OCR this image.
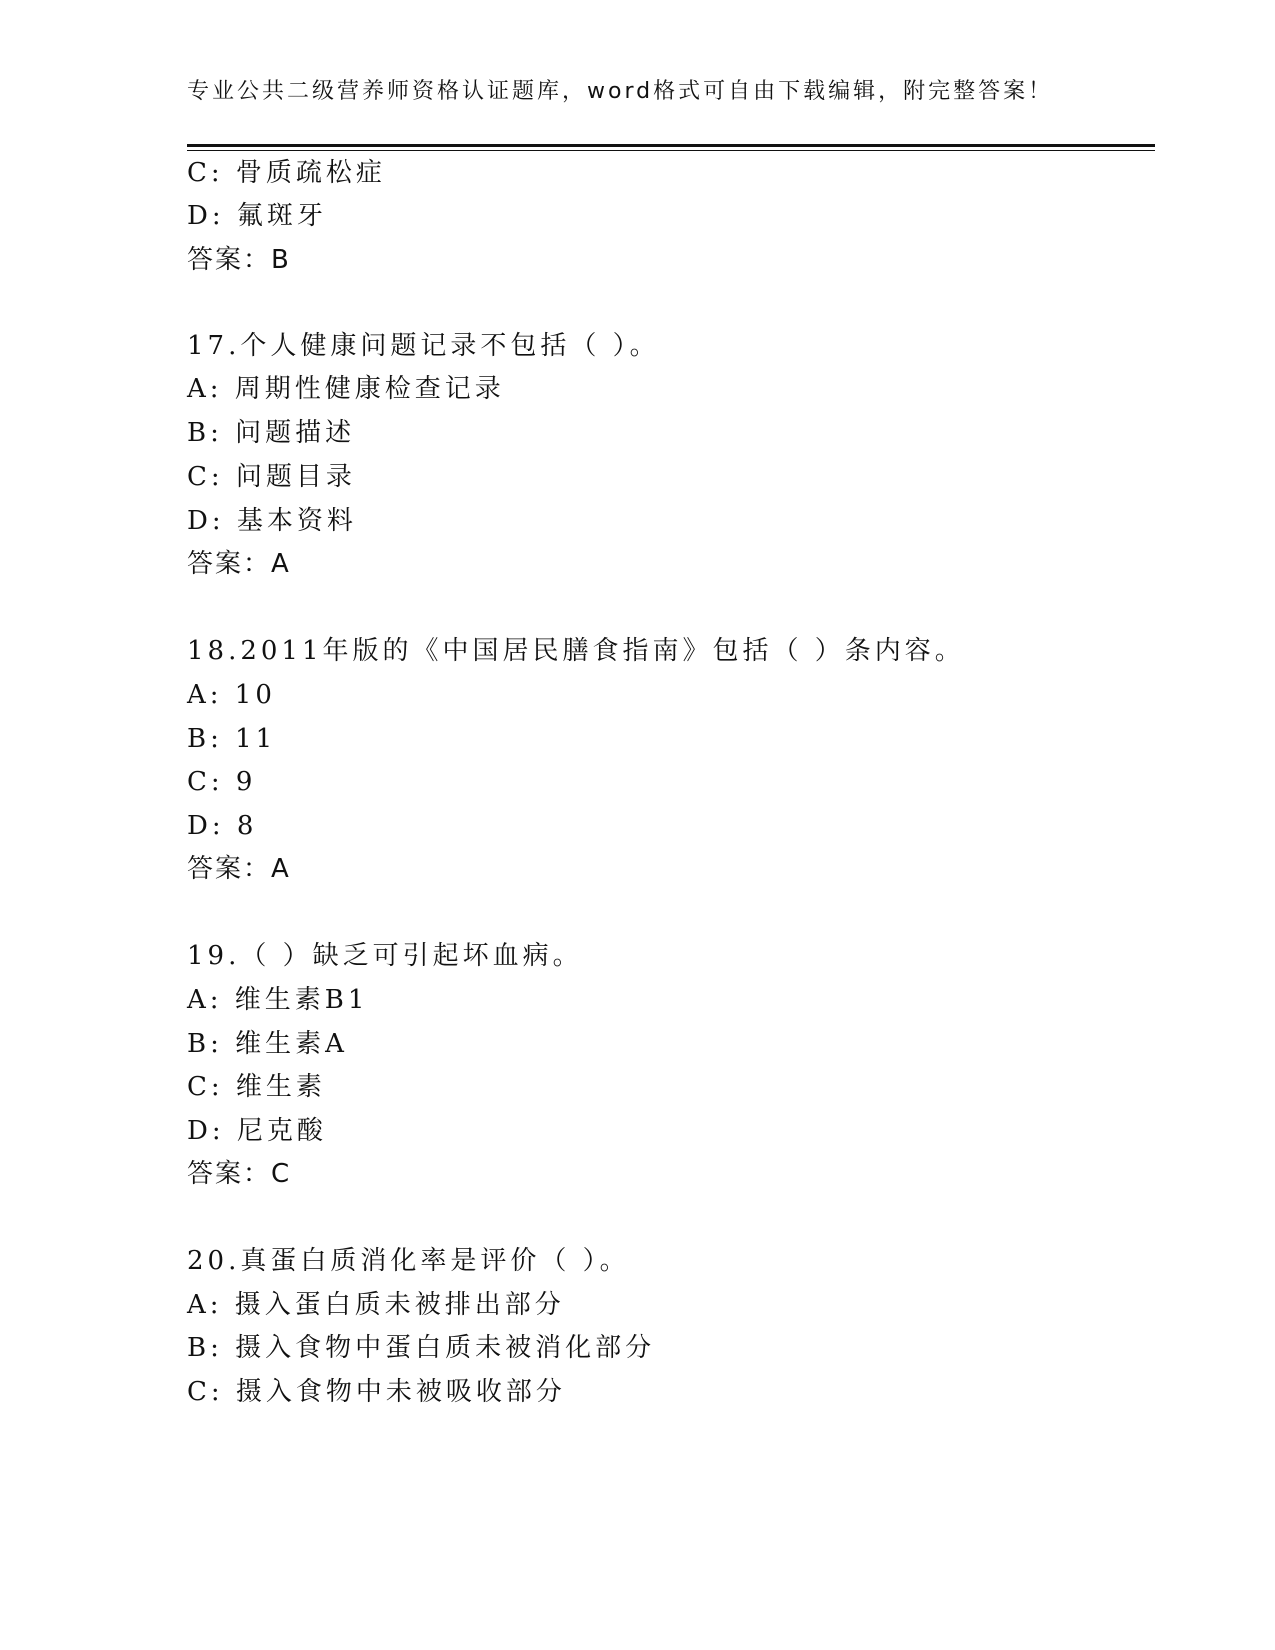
专业公共二级营养师资格认证题库，word格式可自由下载编辑，附完整答案！
C: 骨质疏松症
D: 氟斑牙
答案：B
17.个人健康问题记录不包括（ ）。
A: 周期性健康检查记录
B: 问题描述
C: 问题目录
D: 基本资料
答案：A
18.2011年版的《中国居民膳食指南》包括（ ）条内容。
A: 10
B: 11
C: 9
D: 8
答案：A
19.（ ）缺乏可引起坏血病。
A: 维生素B1
B: 维生素A
C: 维生素
D: 尼克酸
答案：C
20.真蛋白质消化率是评价（ ）。
A: 摄入蛋白质未被排出部分
B: 摄入食物中蛋白质未被消化部分
C: 摄入食物中未被吸收部分
